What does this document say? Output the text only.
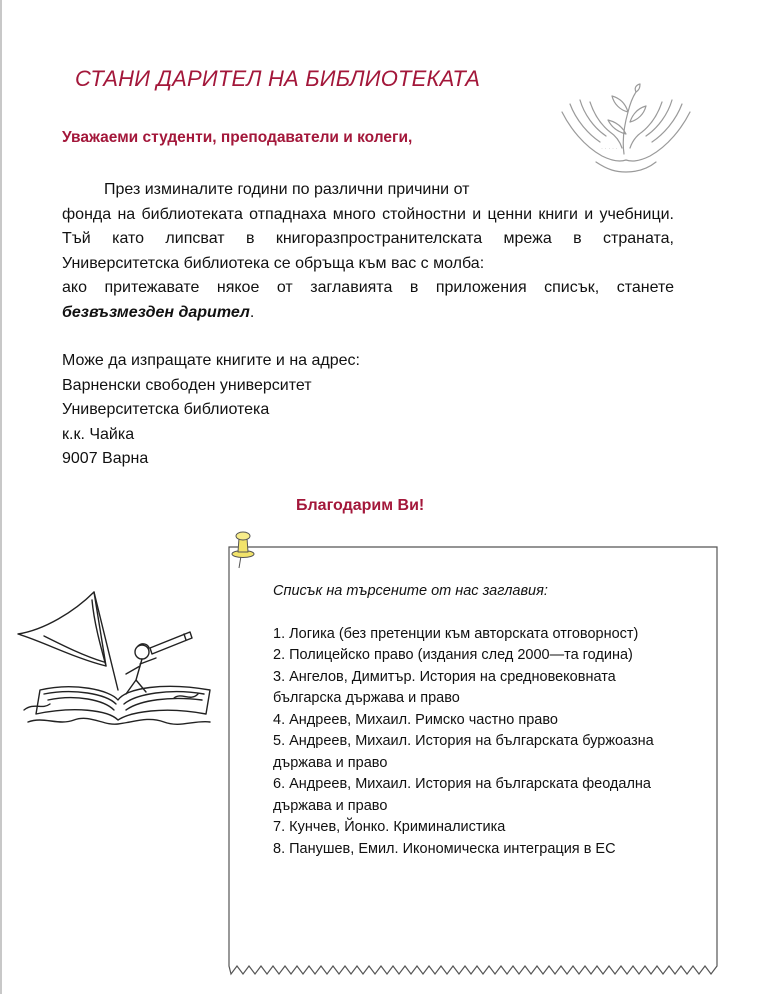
СТАНИ ДАРИТЕЛ НА БИБЛИОТЕКАТА
· · · · ·
Уважаеми студенти, преподаватели и колеги,

През изминалите години по различни причини от

фонда на библиотеката отпаднаха много стойностни и ценни книги и учебници. Тъй като липсват в книгоразпространителската мрежа в страната, Университетска библиотека се обръща към вас с молба:

ако притежавате някое от заглавията в приложения списък, станете безвъзмезден дарител.

Може да изпращате книгите и на адрес:
Варненски свободен университет
Университетска библиотека
к.к. Чайка
9007 Варна
Благодарим Ви!
Списък на търсените от нас заглавия:
1. Логика (без претенции към авторската отговорност)
2. Полицейско право (издания след 2000—та година)
3. Ангелов, Димитър. История на средновековната българска държава и право
4. Андреев, Михаил. Римско частно право
5. Андреев, Михаил. История на българската буржоазна държава и право
6. Андреев, Михаил. История на българската феодална държава и право
7. Кунчев, Йонко. Криминалистика
8. Панушев, Емил. Икономическа интеграция в ЕС
